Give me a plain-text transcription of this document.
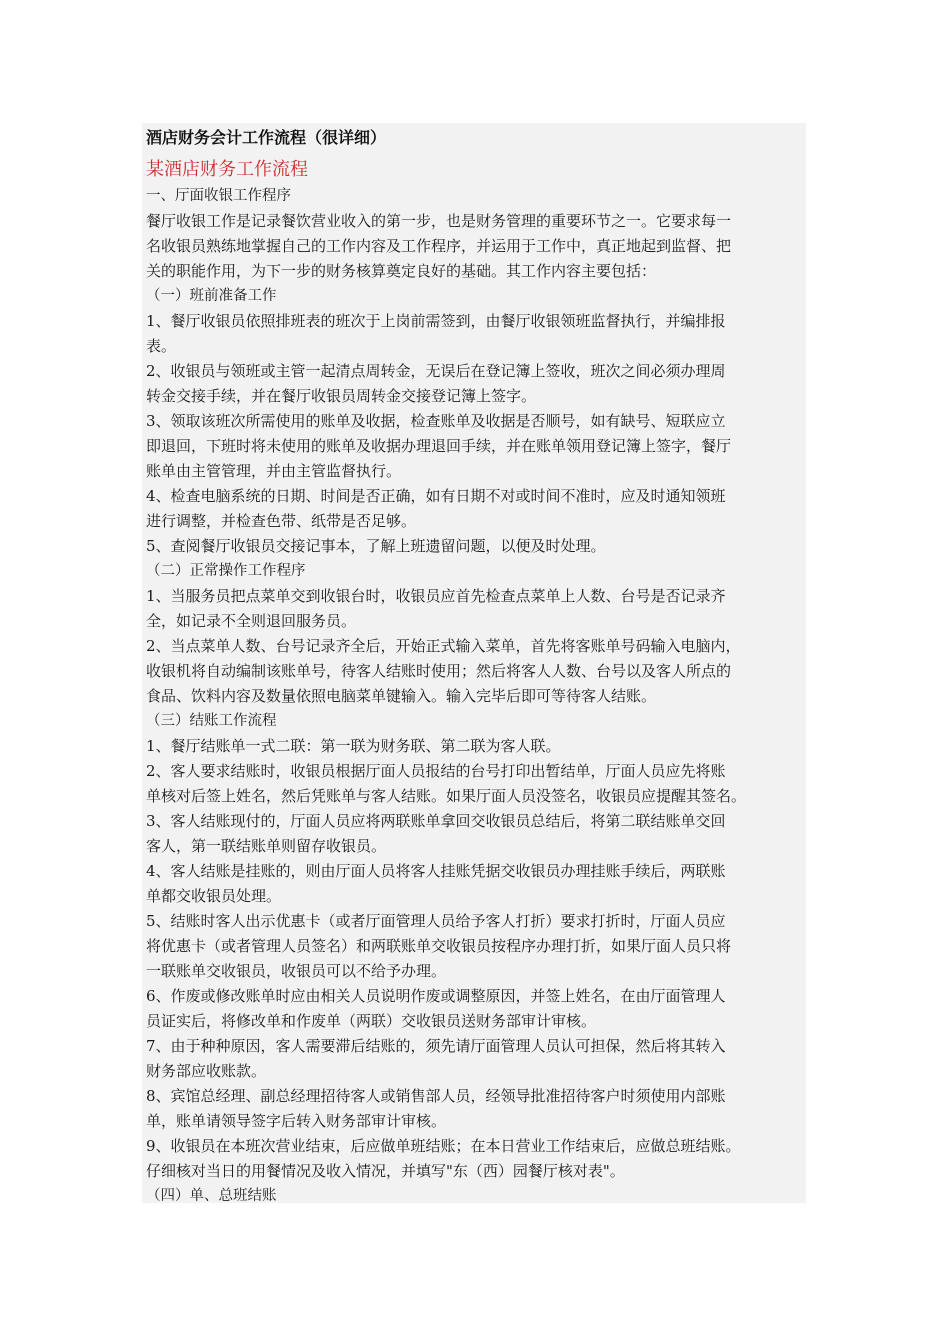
酒店财务会计工作流程（很详细）
某酒店财务工作流程
一、厅面收银工作程序
餐厅收银工作是记录餐饮营业收入的第一步，也是财务管理的重要环节之一。它要求每一
名收银员熟练地掌握自己的工作内容及工作程序，并运用于工作中，真正地起到监督、把
关的职能作用，为下一步的财务核算奠定良好的基础。其工作内容主要包括：
（一）班前准备工作
1、餐厅收银员依照排班表的班次于上岗前需签到，由餐厅收银领班监督执行，并编排报
表。
2、收银员与领班或主管一起清点周转金，无误后在登记簿上签收，班次之间必须办理周
转金交接手续，并在餐厅收银员周转金交接登记簿上签字。
3、领取该班次所需使用的账单及收据，检查账单及收据是否顺号，如有缺号、短联应立
即退回，下班时将未使用的账单及收据办理退回手续，并在账单领用登记簿上签字，餐厅
账单由主管管理，并由主管监督执行。
4、检查电脑系统的日期、时间是否正确，如有日期不对或时间不准时，应及时通知领班
进行调整，并检查色带、纸带是否足够。
5、查阅餐厅收银员交接记事本，了解上班遗留问题，以便及时处理。
（二）正常操作工作程序
1、当服务员把点菜单交到收银台时，收银员应首先检查点菜单上人数、台号是否记录齐
全，如记录不全则退回服务员。
2、当点菜单人数、台号记录齐全后，开始正式输入菜单，首先将客账单号码输入电脑内，
收银机将自动编制该账单号，待客人结账时使用；然后将客人人数、台号以及客人所点的
食品、饮料内容及数量依照电脑菜单键输入。输入完毕后即可等待客人结账。
（三）结账工作流程
1、餐厅结账单一式二联：第一联为财务联、第二联为客人联。
2、客人要求结账时，收银员根据厅面人员报结的台号打印出暂结单，厅面人员应先将账
单核对后签上姓名，然后凭账单与客人结账。如果厅面人员没签名，收银员应提醒其签名。
3、客人结账现付的，厅面人员应将两联账单拿回交收银员总结后，将第二联结账单交回
客人，第一联结账单则留存收银员。
4、客人结账是挂账的，则由厅面人员将客人挂账凭据交收银员办理挂账手续后，两联账
单都交收银员处理。
5、结账时客人出示优惠卡（或者厅面管理人员给予客人打折）要求打折时，厅面人员应
将优惠卡（或者管理人员签名）和两联账单交收银员按程序办理打折，如果厅面人员只将
一联账单交收银员，收银员可以不给予办理。
6、作废或修改账单时应由相关人员说明作废或调整原因，并签上姓名，在由厅面管理人
员证实后，将修改单和作废单（两联）交收银员送财务部审计审核。
7、由于种种原因，客人需要滞后结账的，须先请厅面管理人员认可担保，然后将其转入
财务部应收账款。
8、宾馆总经理、副总经理招待客人或销售部人员，经领导批准招待客户时须使用内部账
单，账单请领导签字后转入财务部审计审核。
9、收银员在本班次营业结束，后应做单班结账；在本日营业工作结束后，应做总班结账。
仔细核对当日的用餐情况及收入情况，并填写"东（西）园餐厅核对表"。
（四）单、总班结账
